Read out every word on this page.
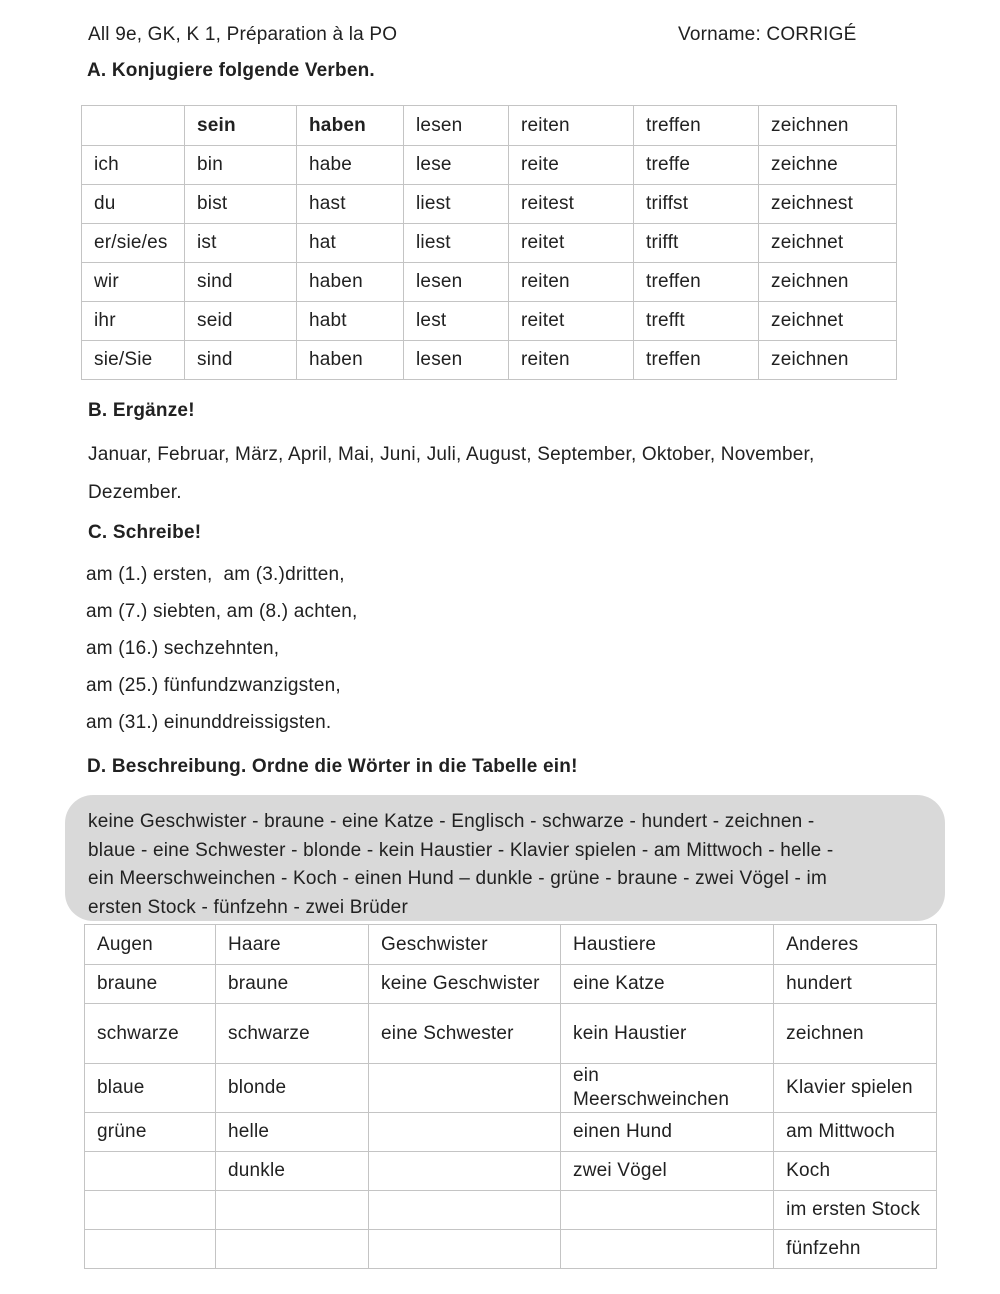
All 9e, GK, K 1, Préparation à la PO	Vorname: CORRIGÉ
A. Konjugiere folgende Verben.
	sein	haben	lesen	reiten	treffen	zeichnen
ich	bin	habe	lese	reite	treffe	zeichne
du	bist	hast	liest	reitest	triffst	zeichnest
er/sie/es	ist	hat	liest	reitet	trifft	zeichnet
wir	sind	haben	lesen	reiten	treffen	zeichnen
ihr	seid	habt	lest	reitet	trefft	zeichnet
sie/Sie	sind	haben	lesen	reiten	treffen	zeichnen
B. Ergänze!
Januar, Februar, März, April, Mai, Juni, Juli, August, September, Oktober, November,
Dezember.
C. Schreibe!
am (1.) ersten,  am (3.)dritten,
am (7.) siebten, am (8.) achten,
am (16.) sechzehnten,
am (25.) fünfundzwanzigsten,
am (31.) einunddreissigsten.
D. Beschreibung. Ordne die Wörter in die Tabelle ein!
keine Geschwister - braune - eine Katze - Englisch - schwarze - hundert - zeichnen -
blaue - eine Schwester - blonde - kein Haustier - Klavier spielen - am Mittwoch - helle -
ein Meerschweinchen - Koch - einen Hund – dunkle - grüne - braune - zwei Vögel - im
ersten Stock - fünfzehn - zwei Brüder
Augen	Haare	Geschwister	Haustiere	Anderes
braune	braune	keine Geschwister	eine Katze	hundert
schwarze	schwarze	eine Schwester	kein Haustier	zeichnen
blaue	blonde		ein Meerschweinchen	Klavier spielen
grüne	helle		einen Hund	am Mittwoch
	dunkle		zwei Vögel	Koch
				im ersten Stock
				fünfzehn
